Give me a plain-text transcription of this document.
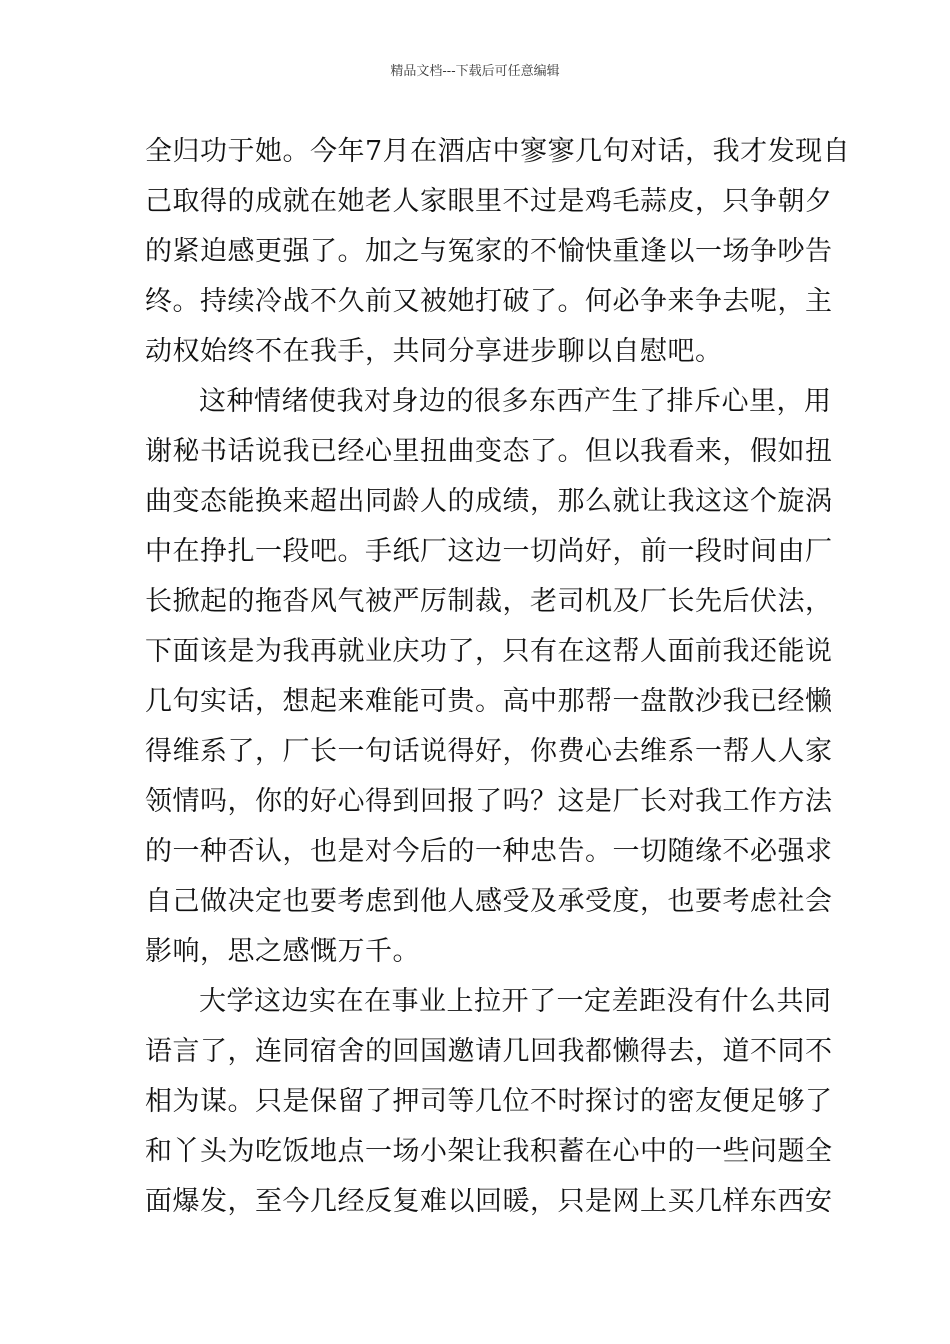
精品文档---下载后可任意编辑
全归功于她。今年7月在酒店中寥寥几句对话，我才发现自
己取得的成就在她老人家眼里不过是鸡毛蒜皮，只争朝夕
的紧迫感更强了。加之与冤家的不愉快重逢以一场争吵告
终。持续冷战不久前又被她打破了。何必争来争去呢，主
动权始终不在我手，共同分享进步聊以自慰吧。
这种情绪使我对身边的很多东西产生了排斥心里，用
谢秘书话说我已经心里扭曲变态了。但以我看来，假如扭
曲变态能换来超出同龄人的成绩，那么就让我这这个旋涡
中在挣扎一段吧。手纸厂这边一切尚好，前一段时间由厂
长掀起的拖沓风气被严厉制裁，老司机及厂长先后伏法，
下面该是为我再就业庆功了，只有在这帮人面前我还能说
几句实话，想起来难能可贵。高中那帮一盘散沙我已经懒
得维系了，厂长一句话说得好，你费心去维系一帮人人家
领情吗，你的好心得到回报了吗？这是厂长对我工作方法
的一种否认，也是对今后的一种忠告。一切随缘不必强求
自己做决定也要考虑到他人感受及承受度，也要考虑社会
影响，思之感慨万千。
大学这边实在在事业上拉开了一定差距没有什么共同
语言了，连同宿舍的回国邀请几回我都懒得去，道不同不
相为谋。只是保留了押司等几位不时探讨的密友便足够了
和丫头为吃饭地点一场小架让我积蓄在心中的一些问题全
面爆发，至今几经反复难以回暖，只是网上买几样东西安
